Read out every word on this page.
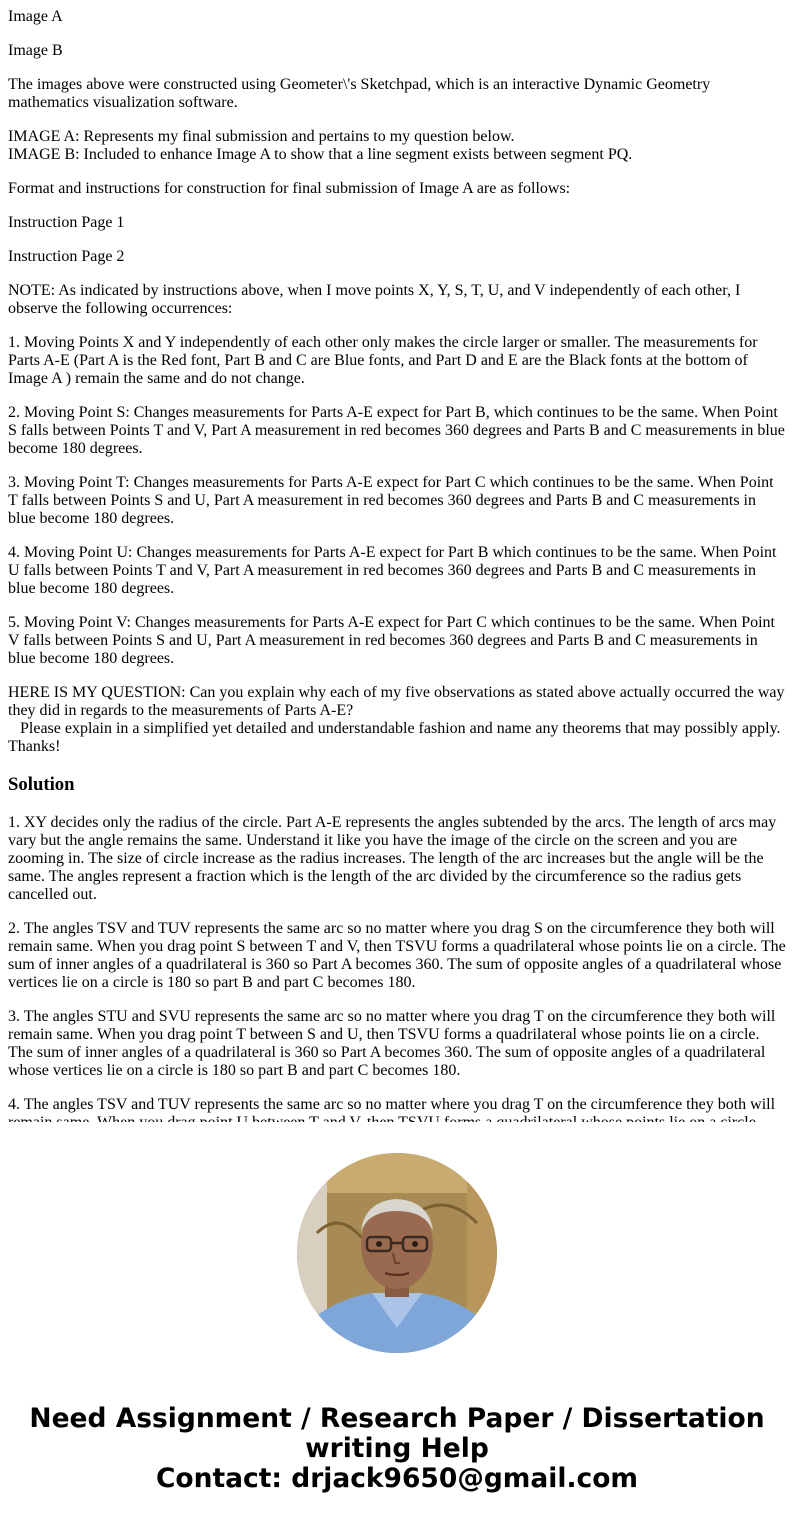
Image A

Image B

The images above were constructed using Geometer\'s Sketchpad, which is an interactive Dynamic Geometry mathematics visualization software.

IMAGE A: Represents my final submission and pertains to my question below.
IMAGE B: Included to enhance Image A to show that a line segment exists between segment PQ.

Format and instructions for construction for final submission of Image A are as follows:

Instruction Page 1

Instruction Page 2

NOTE: As indicated by instructions above, when I move points X, Y, S, T, U, and V independently of each other, I observe the following occurrences:

1. Moving Points X and Y independently of each other only makes the circle larger or smaller. The measurements for Parts A-E (Part A is the Red font, Part B and C are Blue fonts, and Part D and E are the Black fonts at the bottom of Image A ) remain the same and do not change.

2. Moving Point S: Changes measurements for Parts A-E expect for Part B, which continues to be the same. When Point S falls between Points T and V, Part A measurement in red becomes 360 degrees and Parts B and C measurements in blue become 180 degrees.

3. Moving Point T: Changes measurements for Parts A-E expect for Part C which continues to be the same. When Point T falls between Points S and U, Part A measurement in red becomes 360 degrees and Parts B and C measurements in blue become 180 degrees.

4. Moving Point U: Changes measurements for Parts A-E expect for Part B which continues to be the same. When Point U falls between Points T and V, Part A measurement in red becomes 360 degrees and Parts B and C measurements in blue become 180 degrees.

5. Moving Point V: Changes measurements for Parts A-E expect for Part C which continues to be the same. When Point V falls between Points S and U, Part A measurement in red becomes 360 degrees and Parts B and C measurements in blue become 180 degrees.

HERE IS MY QUESTION: Can you explain why each of my five observations as stated above actually occurred the way they did in regards to the measurements of Parts A-E?
Please explain in a simplified yet detailed and understandable fashion and name any theorems that may possibly apply. Thanks!

Solution

1. XY decides only the radius of the circle. Part A-E represents the angles subtended by the arcs. The length of arcs may vary but the angle remains the same. Understand it like you have the image of the circle on the screen and you are zooming in. The size of circle increase as the radius increases. The length of the arc increases but the angle will be the same. The angles represent a fraction which is the length of the arc divided by the circumference so the radius gets cancelled out.

2. The angles TSV and TUV represents the same arc so no matter where you drag S on the circumference they both will remain same. When you drag point S between T and V, then TSVU forms a quadrilateral whose points lie on a circle. The sum of inner angles of a quadrilateral is 360 so Part A becomes 360. The sum of opposite angles of a quadrilateral whose vertices lie on a circle is 180 so part B and part C becomes 180.

3. The angles STU and SVU represents the same arc so no matter where you drag T on the circumference they both will remain same. When you drag point T between S and U, then TSVU forms a quadrilateral whose points lie on a circle. The sum of inner angles of a quadrilateral is 360 so Part A becomes 360. The sum of opposite angles of a quadrilateral whose vertices lie on a circle is 180 so part B and part C becomes 180.

4. The angles TSV and TUV represents the same arc so no matter where you drag T on the circumference they both will

Need Assignment / Research Paper / Dissertation
writing Help
Contact: drjack9650@gmail.com
